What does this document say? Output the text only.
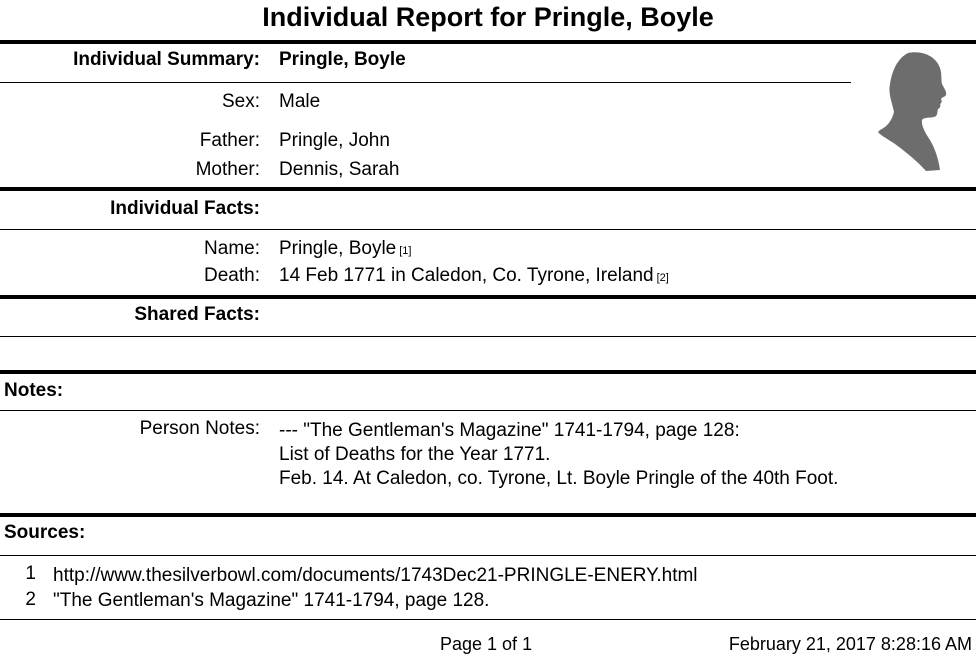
Individual Report for Pringle, Boyle
Individual Summary: Pringle, Boyle
Sex: Male
Father: Pringle, John
Mother: Dennis, Sarah
Individual Facts:
Name: Pringle, Boyle [1]
Death: 14 Feb 1771 in Caledon, Co. Tyrone, Ireland [2]
Shared Facts:
Notes:
Person Notes: --- "The Gentleman's Magazine" 1741-1794, page 128:
List of Deaths for the Year 1771.
Feb. 14. At Caledon, co. Tyrone, Lt. Boyle Pringle of the 40th Foot.
Sources:
1 http://www.thesilverbowl.com/documents/1743Dec21-PRINGLE-ENERY.html
2 "The Gentleman's Magazine" 1741-1794, page 128.
Page 1 of 1	February 21, 2017 8:28:16 AM
